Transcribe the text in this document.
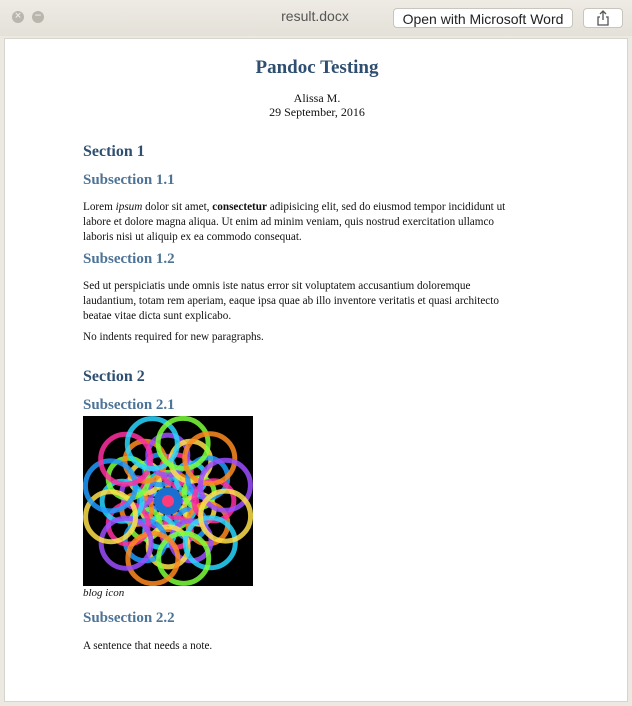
× −	result.docx	Open with Microsoft Word
Pandoc Testing
Alissa M.
29 September, 2016
Section 1
Subsection 1.1
Lorem ipsum dolor sit amet, consectetur adipisicing elit, sed do eiusmod tempor incididunt ut labore et dolore magna aliqua. Ut enim ad minim veniam, quis nostrud exercitation ullamco laboris nisi ut aliquip ex ea commodo consequat.
Subsection 1.2
Sed ut perspiciatis unde omnis iste natus error sit voluptatem accusantium doloremque laudantium, totam rem aperiam, eaque ipsa quae ab illo inventore veritatis et quasi architecto beatae vitae dicta sunt explicabo.
No indents required for new paragraphs.
Section 2
Subsection 2.1
blog icon
Subsection 2.2
A sentence that needs a note.
